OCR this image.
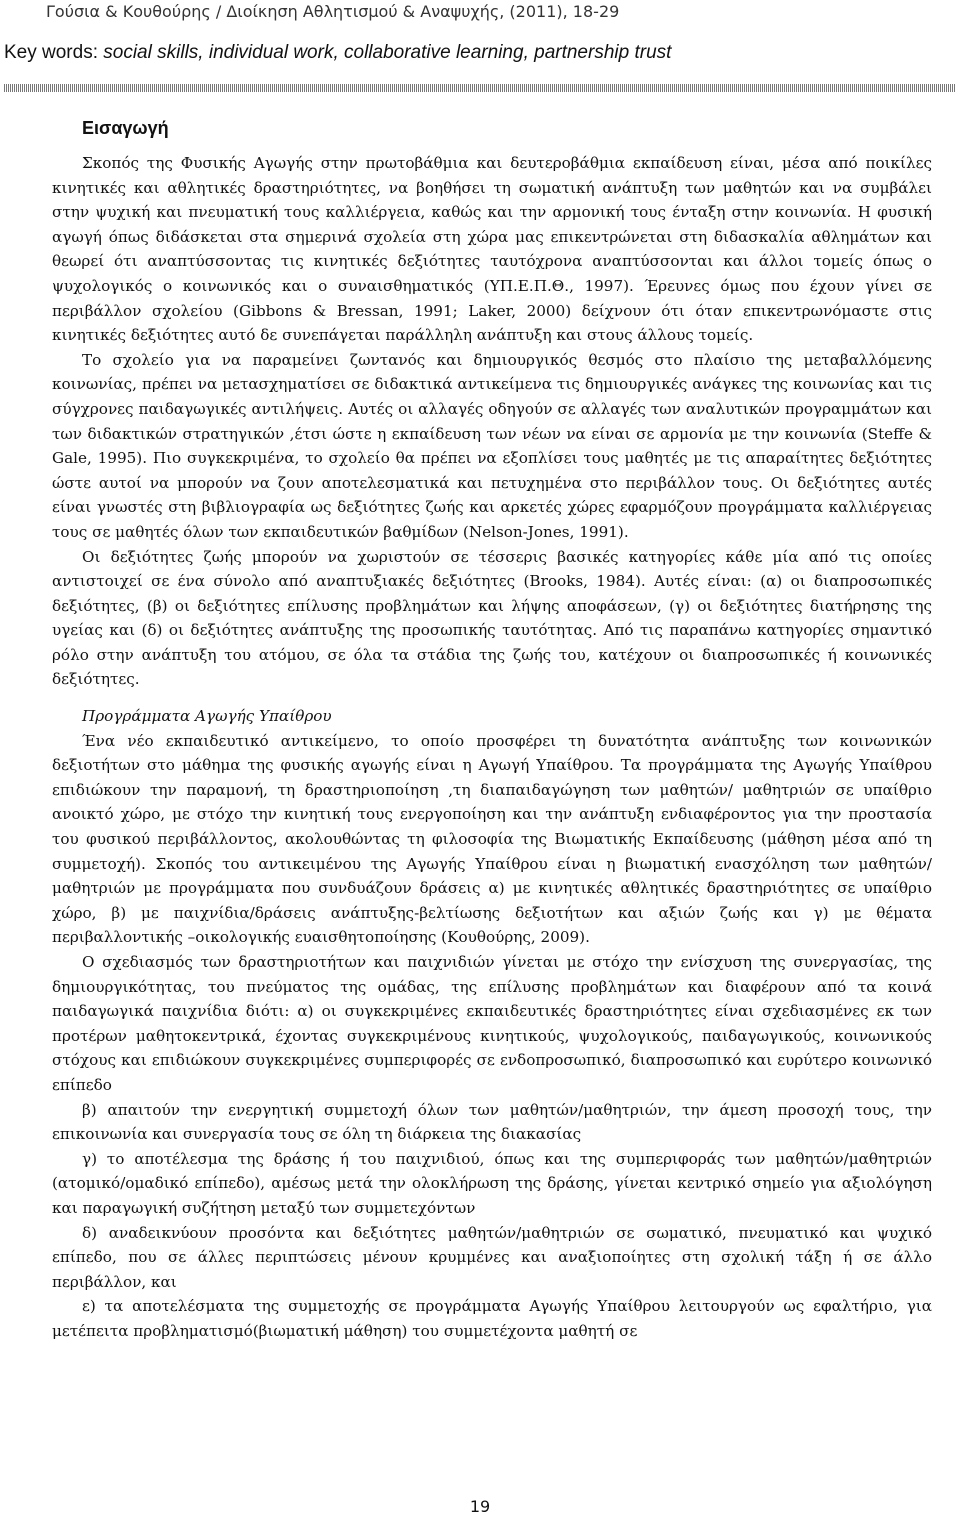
Γούσια & Κουθούρης / Διοίκηση Αθλητισμού & Αναψυχής, (2011), 18-29
Key words: social skills, individual work, collaborative learning, partnership trust
Εισαγωγή

Σκοπός της Φυσικής Αγωγής στην πρωτοβάθμια και δευτεροβάθμια εκπαίδευση είναι, μέσα από ποικίλες κινητικές και αθλητικές δραστηριότητες, να βοηθήσει τη σωματική ανάπτυξη των μαθητών και να συμβάλει στην ψυχική και πνευματική τους καλλιέργεια, καθώς και την αρμονική τους ένταξη στην κοινωνία. Η φυσική αγωγή όπως διδάσκεται στα σημερινά σχολεία στη χώρα μας επικεντρώνεται στη διδασκαλία αθλημάτων και θεωρεί ότι αναπτύσσοντας τις κινητικές δεξιότητες ταυτόχρονα αναπτύσσονται και άλλοι τομείς όπως ο ψυχολογικός ο κοινωνικός και ο συναισθηματικός (ΥΠ.Ε.Π.Θ., 1997). Έρευνες όμως που έχουν γίνει σε περιβάλλον σχολείου (Gibbons & Bressan, 1991; Laker, 2000) δείχνουν ότι όταν επικεντρωνόμαστε στις κινητικές δεξιότητες αυτό δε συνεπάγεται παράλληλη ανάπτυξη και στους άλλους τομείς.

Το σχολείο για να παραμείνει ζωντανός και δημιουργικός θεσμός στο πλαίσιο της μεταβαλλόμενης κοινωνίας, πρέπει να μετασχηματίσει σε διδακτικά αντικείμενα τις δημιουργικές ανάγκες της κοινωνίας και τις σύγχρονες παιδαγωγικές αντιλήψεις. Αυτές οι αλλαγές οδηγούν σε αλλαγές των αναλυτικών προγραμμάτων και των διδακτικών στρατηγικών ,έτσι ώστε η εκπαίδευση των νέων να είναι σε αρμονία με την κοινωνία (Steffe & Gale, 1995). Πιο συγκεκριμένα, το σχολείο θα πρέπει να εξοπλίσει τους μαθητές με τις απαραίτητες δεξιότητες ώστε αυτοί να μπορούν να ζουν αποτελεσματικά και πετυχημένα στο περιβάλλον τους. Οι δεξιότητες αυτές είναι γνωστές στη βιβλιογραφία ως δεξιότητες ζωής και αρκετές χώρες εφαρμόζουν προγράμματα καλλιέργειας τους σε μαθητές όλων των εκπαιδευτικών βαθμίδων (Nelson-Jones, 1991).

Οι δεξιότητες ζωής μπορούν να χωριστούν σε τέσσερις βασικές κατηγορίες κάθε μία από τις οποίες αντιστοιχεί σε ένα σύνολο από αναπτυξιακές δεξιότητες (Brooks, 1984). Αυτές είναι: (α) οι διαπροσωπικές δεξιότητες, (β) οι δεξιότητες επίλυσης προβλημάτων και λήψης αποφάσεων, (γ) οι δεξιότητες διατήρησης της υγείας και (δ) οι δεξιότητες ανάπτυξης της προσωπικής ταυτότητας. Από τις παραπάνω κατηγορίες σημαντικό ρόλο στην ανάπτυξη του ατόμου, σε όλα τα στάδια της ζωής του, κατέχουν οι διαπροσωπικές ή κοινωνικές δεξιότητες.

Προγράμματα Αγωγής Υπαίθρου

Ένα νέο εκπαιδευτικό αντικείμενο, το οποίο προσφέρει τη δυνατότητα ανάπτυξης των κοινωνικών δεξιοτήτων στο μάθημα της φυσικής αγωγής είναι η Αγωγή Υπαίθρου. Τα προγράμματα της Αγωγής Υπαίθρου επιδιώκουν την παραμονή, τη δραστηριοποίηση ,τη διαπαιδαγώγηση των μαθητών/ μαθητριών σε υπαίθριο ανοικτό χώρο, με στόχο την κινητική τους ενεργοποίηση και την ανάπτυξη ενδιαφέροντος για την προστασία του φυσικού περιβάλλοντος, ακολουθώντας τη φιλοσοφία της Βιωματικής Εκπαίδευσης (μάθηση μέσα από τη συμμετοχή). Σκοπός του αντικειμένου της Αγωγής Υπαίθρου είναι η βιωματική ενασχόληση των μαθητών/μαθητριών με προγράμματα που συνδυάζουν δράσεις α) με κινητικές αθλητικές δραστηριότητες σε υπαίθριο χώρο, β) με παιχνίδια/δράσεις ανάπτυξης-βελτίωσης δεξιοτήτων και αξιών ζωής και γ) με θέματα περιβαλλοντικής –οικολογικής ευαισθητοποίησης (Κουθούρης, 2009).

Ο σχεδιασμός των δραστηριοτήτων και παιχνιδιών γίνεται με στόχο την ενίσχυση της συνεργασίας, της δημιουργικότητας, του πνεύματος της ομάδας, της επίλυσης προβλημάτων και διαφέρουν από τα κοινά παιδαγωγικά παιχνίδια διότι: α) οι συγκεκριμένες εκπαιδευτικές δραστηριότητες είναι σχεδιασμένες εκ των προτέρων μαθητοκεντρικά, έχοντας συγκεκριμένους κινητικούς, ψυχολογικούς, παιδαγωγικούς, κοινωνικούς στόχους και επιδιώκουν συγκεκριμένες συμπεριφορές σε ενδοπροσωπικό, διαπροσωπικό και ευρύτερο κοινωνικό επίπεδο

β) απαιτούν την ενεργητική συμμετοχή όλων των μαθητών/μαθητριών, την άμεση προσοχή τους, την επικοινωνία και συνεργασία τους σε όλη τη διάρκεια της διακασίας

γ) το αποτέλεσμα της δράσης ή του παιχνιδιού, όπως και της συμπεριφοράς των μαθητών/μαθητριών (ατομικό/ομαδικό επίπεδο), αμέσως μετά την ολοκλήρωση της δράσης, γίνεται κεντρικό σημείο για αξιολόγηση και παραγωγική συζήτηση μεταξύ των συμμετεχόντων

δ) αναδεικνύουν προσόντα και δεξιότητες μαθητών/μαθητριών σε σωματικό, πνευματικό και ψυχικό επίπεδο, που σε άλλες περιπτώσεις μένουν κρυμμένες και αναξιοποίητες στη σχολική τάξη ή σε άλλο περιβάλλον, και

ε) τα αποτελέσματα της συμμετοχής σε προγράμματα Αγωγής Υπαίθρου λειτουργούν ως εφαλτήριο, για μετέπειτα προβληματισμό(βιωματική μάθηση) του συμμετέχοντα μαθητή σε

19
